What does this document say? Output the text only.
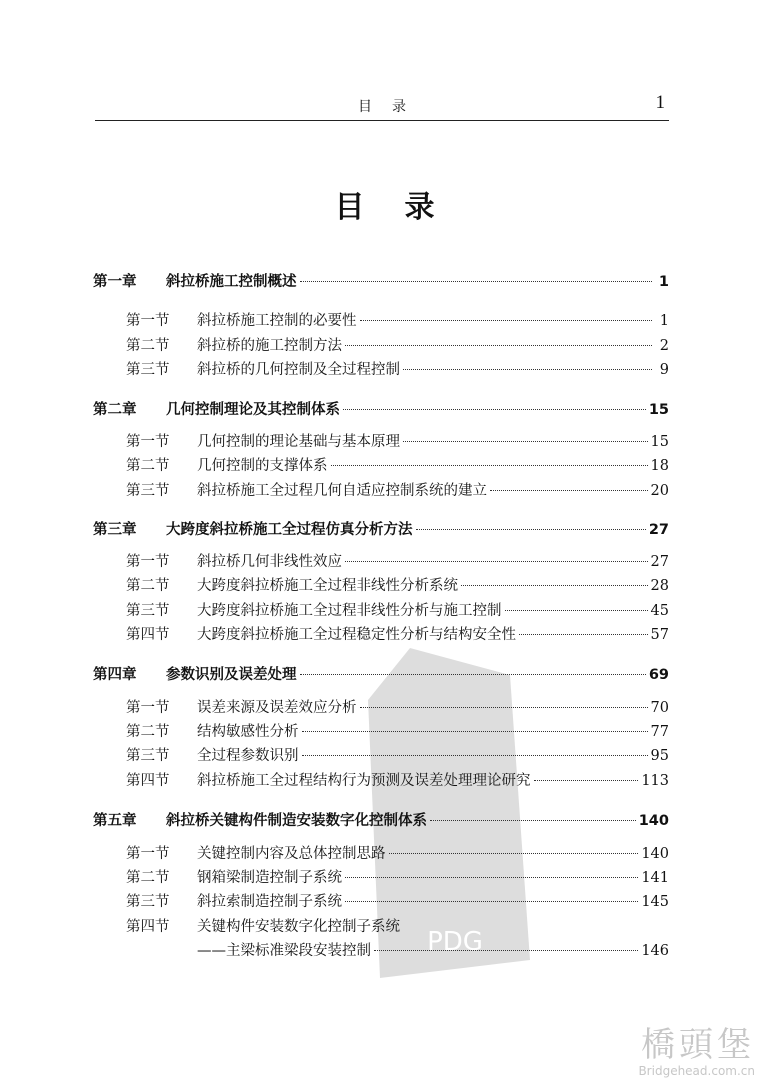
目录	1
目录
PDG
第一章	斜拉桥施工控制概述	1
第一节	斜拉桥施工控制的必要性	1
第二节	斜拉桥的施工控制方法	2
第三节	斜拉桥的几何控制及全过程控制	9
第二章	几何控制理论及其控制体系	15
第一节	几何控制的理论基础与基本原理	15
第二节	几何控制的支撑体系	18
第三节	斜拉桥施工全过程几何自适应控制系统的建立	20
第三章	大跨度斜拉桥施工全过程仿真分析方法	27
第一节	斜拉桥几何非线性效应	27
第二节	大跨度斜拉桥施工全过程非线性分析系统	28
第三节	大跨度斜拉桥施工全过程非线性分析与施工控制	45
第四节	大跨度斜拉桥施工全过程稳定性分析与结构安全性	57
第四章	参数识别及误差处理	69
第一节	误差来源及误差效应分析	70
第二节	结构敏感性分析	77
第三节	全过程参数识别	95
第四节	斜拉桥施工全过程结构行为预测及误差处理理论研究	113
第五章	斜拉桥关键构件制造安装数字化控制体系	140
第一节	关键控制内容及总体控制思路	140
第二节	钢箱梁制造控制子系统	141
第三节	斜拉索制造控制子系统	145
第四节	关键构件安装数字化控制子系统
——主梁标准梁段安装控制	146
橋頭堡
Bridgehead.com.cn
